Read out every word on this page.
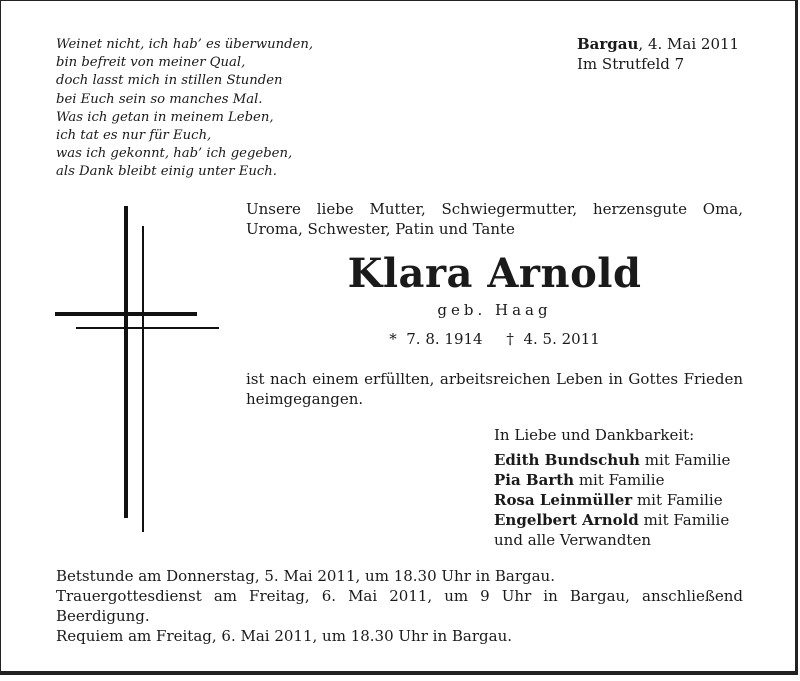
Weinet nicht, ich hab’ es überwunden,
bin befreit von meiner Qual,
doch lasst mich in stillen Stunden
bei Euch sein so manches Mal.
Was ich getan in meinem Leben,
ich tat es nur für Euch,
was ich gekonnt, hab’ ich gegeben,
als Dank bleibt einig unter Euch.
Bargau, 4. Mai 2011
Im Strutfeld 7
Unsere liebe Mutter, Schwiegermutter, herzensgute Oma, Uroma, Schwester, Patin und Tante
Klara Arnold
geb. Haag
*  7. 8. 1914     †  4. 5. 2011
ist nach einem erfüllten, arbeitsreichen Leben in Gottes Frieden heimgegangen.
In Liebe und Dankbarkeit:
Edith Bundschuh mit Familie
Pia Barth mit Familie
Rosa Leinmüller mit Familie
Engelbert Arnold mit Familie
und alle Verwandten
Betstunde am Donnerstag, 5. Mai 2011, um 18.30 Uhr in Bargau.
Trauergottesdienst am Freitag, 6. Mai 2011, um 9 Uhr in Bargau, anschließend Beerdigung.
Requiem am Freitag, 6. Mai 2011, um 18.30 Uhr in Bargau.
